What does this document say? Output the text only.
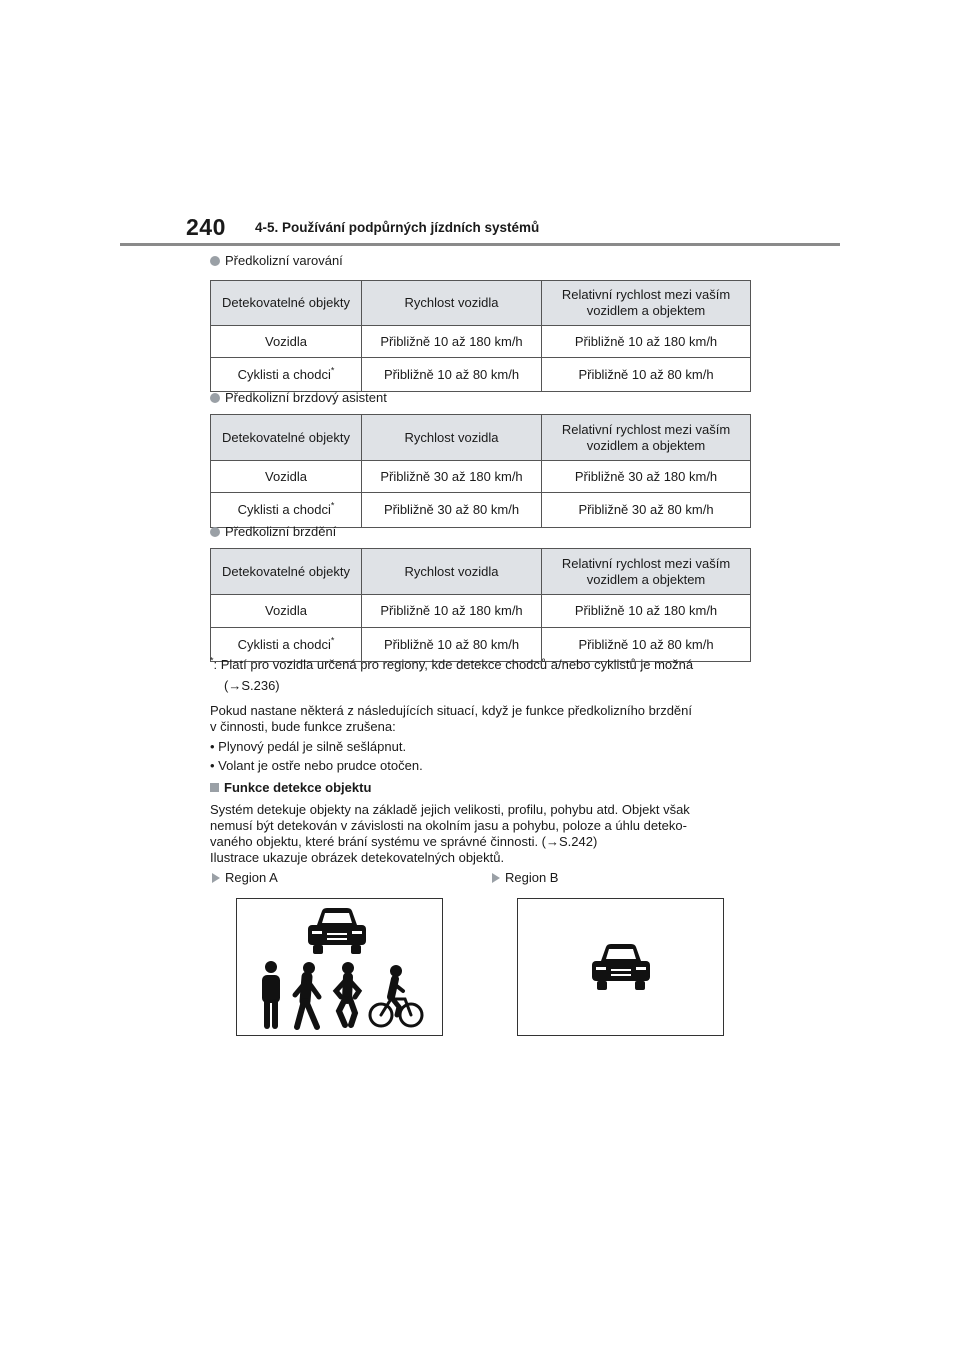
240 4-5. Používání podpůrných jízdních systémů
Předkolizní varování
Detekovatelné objekty	Rychlost vozidla	Relativní rychlost mezi vaším vozidlem a objektem
Vozidla	Přibližně 10 až 180 km/h	Přibližně 10 až 180 km/h
Cyklisti a chodci*	Přibližně 10 až 80 km/h	Přibližně 10 až 80 km/h
Předkolizní brzdový asistent
Detekovatelné objekty	Rychlost vozidla	Relativní rychlost mezi vaším vozidlem a objektem
Vozidla	Přibližně 30 až 180 km/h	Přibližně 30 až 180 km/h
Cyklisti a chodci*	Přibližně 30 až 80 km/h	Přibližně 30 až 80 km/h
Předkolizní brzdění
Detekovatelné objekty	Rychlost vozidla	Relativní rychlost mezi vaším vozidlem a objektem
Vozidla	Přibližně 10 až 180 km/h	Přibližně 10 až 180 km/h
Cyklisti a chodci*	Přibližně 10 až 80 km/h	Přibližně 10 až 80 km/h
*: Platí pro vozidla určená pro regiony, kde detekce chodců a/nebo cyklistů je možná
(→S.236)
Pokud nastane některá z následujících situací, když je funkce předkolizního brzdění
v činnosti, bude funkce zrušena:
• Plynový pedál je silně sešlápnut.
• Volant je ostře nebo prudce otočen.
Funkce detekce objektu
Systém detekuje objekty na základě jejich velikosti, profilu, pohybu atd. Objekt však
nemusí být detekován v závislosti na okolním jasu a pohybu, poloze a úhlu deteko-
vaného objektu, které brání systému ve správné činnosti. (→S.242)
Ilustrace ukazuje obrázek detekovatelných objektů.
Region A	Region B
